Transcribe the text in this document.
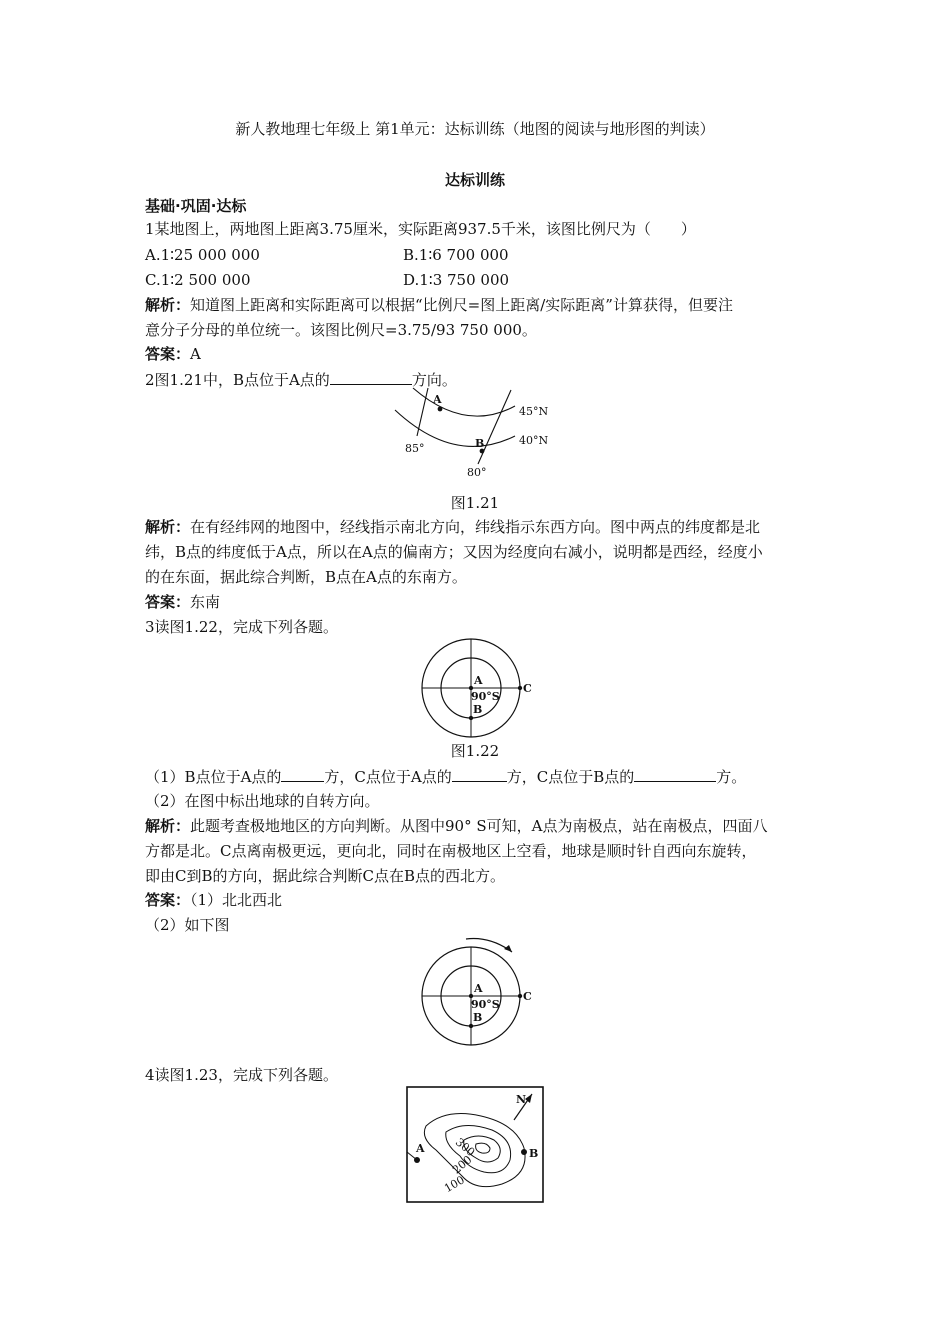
新人教地理七年级上 第1单元：达标训练（地图的阅读与地形图的判读）
达标训练
基础·巩固·达标
1某地图上，两地图上距离3.75厘米，实际距离937.5千米，该图比例尺为（　　）
A.1∶25 000 000	B.1∶6 700 000
C.1∶2 500 000	D.1∶3 750 000
解析：知道图上距离和实际距离可以根据“比例尺=图上距离/实际距离”计算获得，但要注
意分子分母的单位统一。该图比例尺=3.75/93 750 000。
答案：A
2图1.21中，B点位于A点的	方向。
A
B
45°N
40°N
85°
80°
图1.21
解析：在有经纬网的地图中，经线指示南北方向，纬线指示东西方向。图中两点的纬度都是北
纬，B点的纬度低于A点，所以在A点的偏南方；又因为经度向右减小，说明都是西经，经度小
的在东面，据此综合判断，B点在A点的东南方。
答案：东南
3读图1.22，完成下列各题。
A
90°S
B
C
图1.22
（1）B点位于A点的	方，C点位于A点的	方，C点位于B点的	方。
（2）在图中标出地球的自转方向。
解析：此题考查极地地区的方向判断。从图中90° S可知，A点为南极点，站在南极点，四面八
方都是北。C点离南极更远，更向北，同时在南极地区上空看，地球是顺时针自西向东旋转，
即由C到B的方向，据此综合判断C点在B点的西北方。
答案：（1）北北西北
（2）如下图
A
90°S
B
C
4读图1.23，完成下列各题。
N
A	B
300
200
100
